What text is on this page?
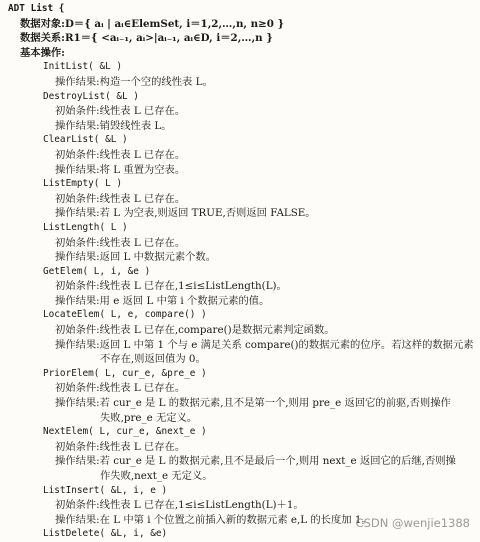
ADT List {
数据对象:D＝{ aᵢ | aᵢ∈ElemSet, i＝1,2,…,n, n≥0 }
数据关系:R1＝{ <aᵢ₋₁, aᵢ>|aᵢ₋₁, aᵢ∈D, i＝2,…,n }
基本操作:
InitList( &L )
操作结果:构造一个空的线性表 L。
DestroyList( &L )
初始条件:线性表 L 已存在。
操作结果:销毁线性表 L。
ClearList( &L )
初始条件:线性表 L 已存在。
操作结果:将 L 重置为空表。
ListEmpty( L )
初始条件:线性表 L 已存在。
操作结果:若 L 为空表,则返回 TRUE,否则返回 FALSE。
ListLength( L )
初始条件:线性表 L 已存在。
操作结果:返回 L 中数据元素个数。
GetElem( L, i, &e )
初始条件:线性表 L 已存在,1≤i≤ListLength(L)。
操作结果:用 e 返回 L 中第 i 个数据元素的值。
LocateElem( L, e, compare() )
初始条件:线性表 L 已存在,compare()是数据元素判定函数。
操作结果:返回 L 中第 1 个与 e 满足关系 compare()的数据元素的位序。若这样的数据元素
不存在,则返回值为 0。
PriorElem( L, cur_e, &pre_e )
初始条件:线性表 L 已存在。
操作结果:若 cur_e 是 L 的数据元素,且不是第一个,则用 pre_e 返回它的前驱,否则操作
失败,pre_e 无定义。
NextElem( L, cur_e, &next_e )
初始条件:线性表 L 已存在。
操作结果:若 cur_e 是 L 的数据元素,且不是最后一个,则用 next_e 返回它的后继,否则操
作失败,next_e 无定义。
ListInsert( &L, i, e )
初始条件:线性表 L 已存在,1≤i≤ListLength(L)＋1。
操作结果:在 L 中第 i 个位置之前插入新的数据元素 e,L 的长度加 1。
ListDelete( &L, i, &e)
CSDN @wenjie1388
